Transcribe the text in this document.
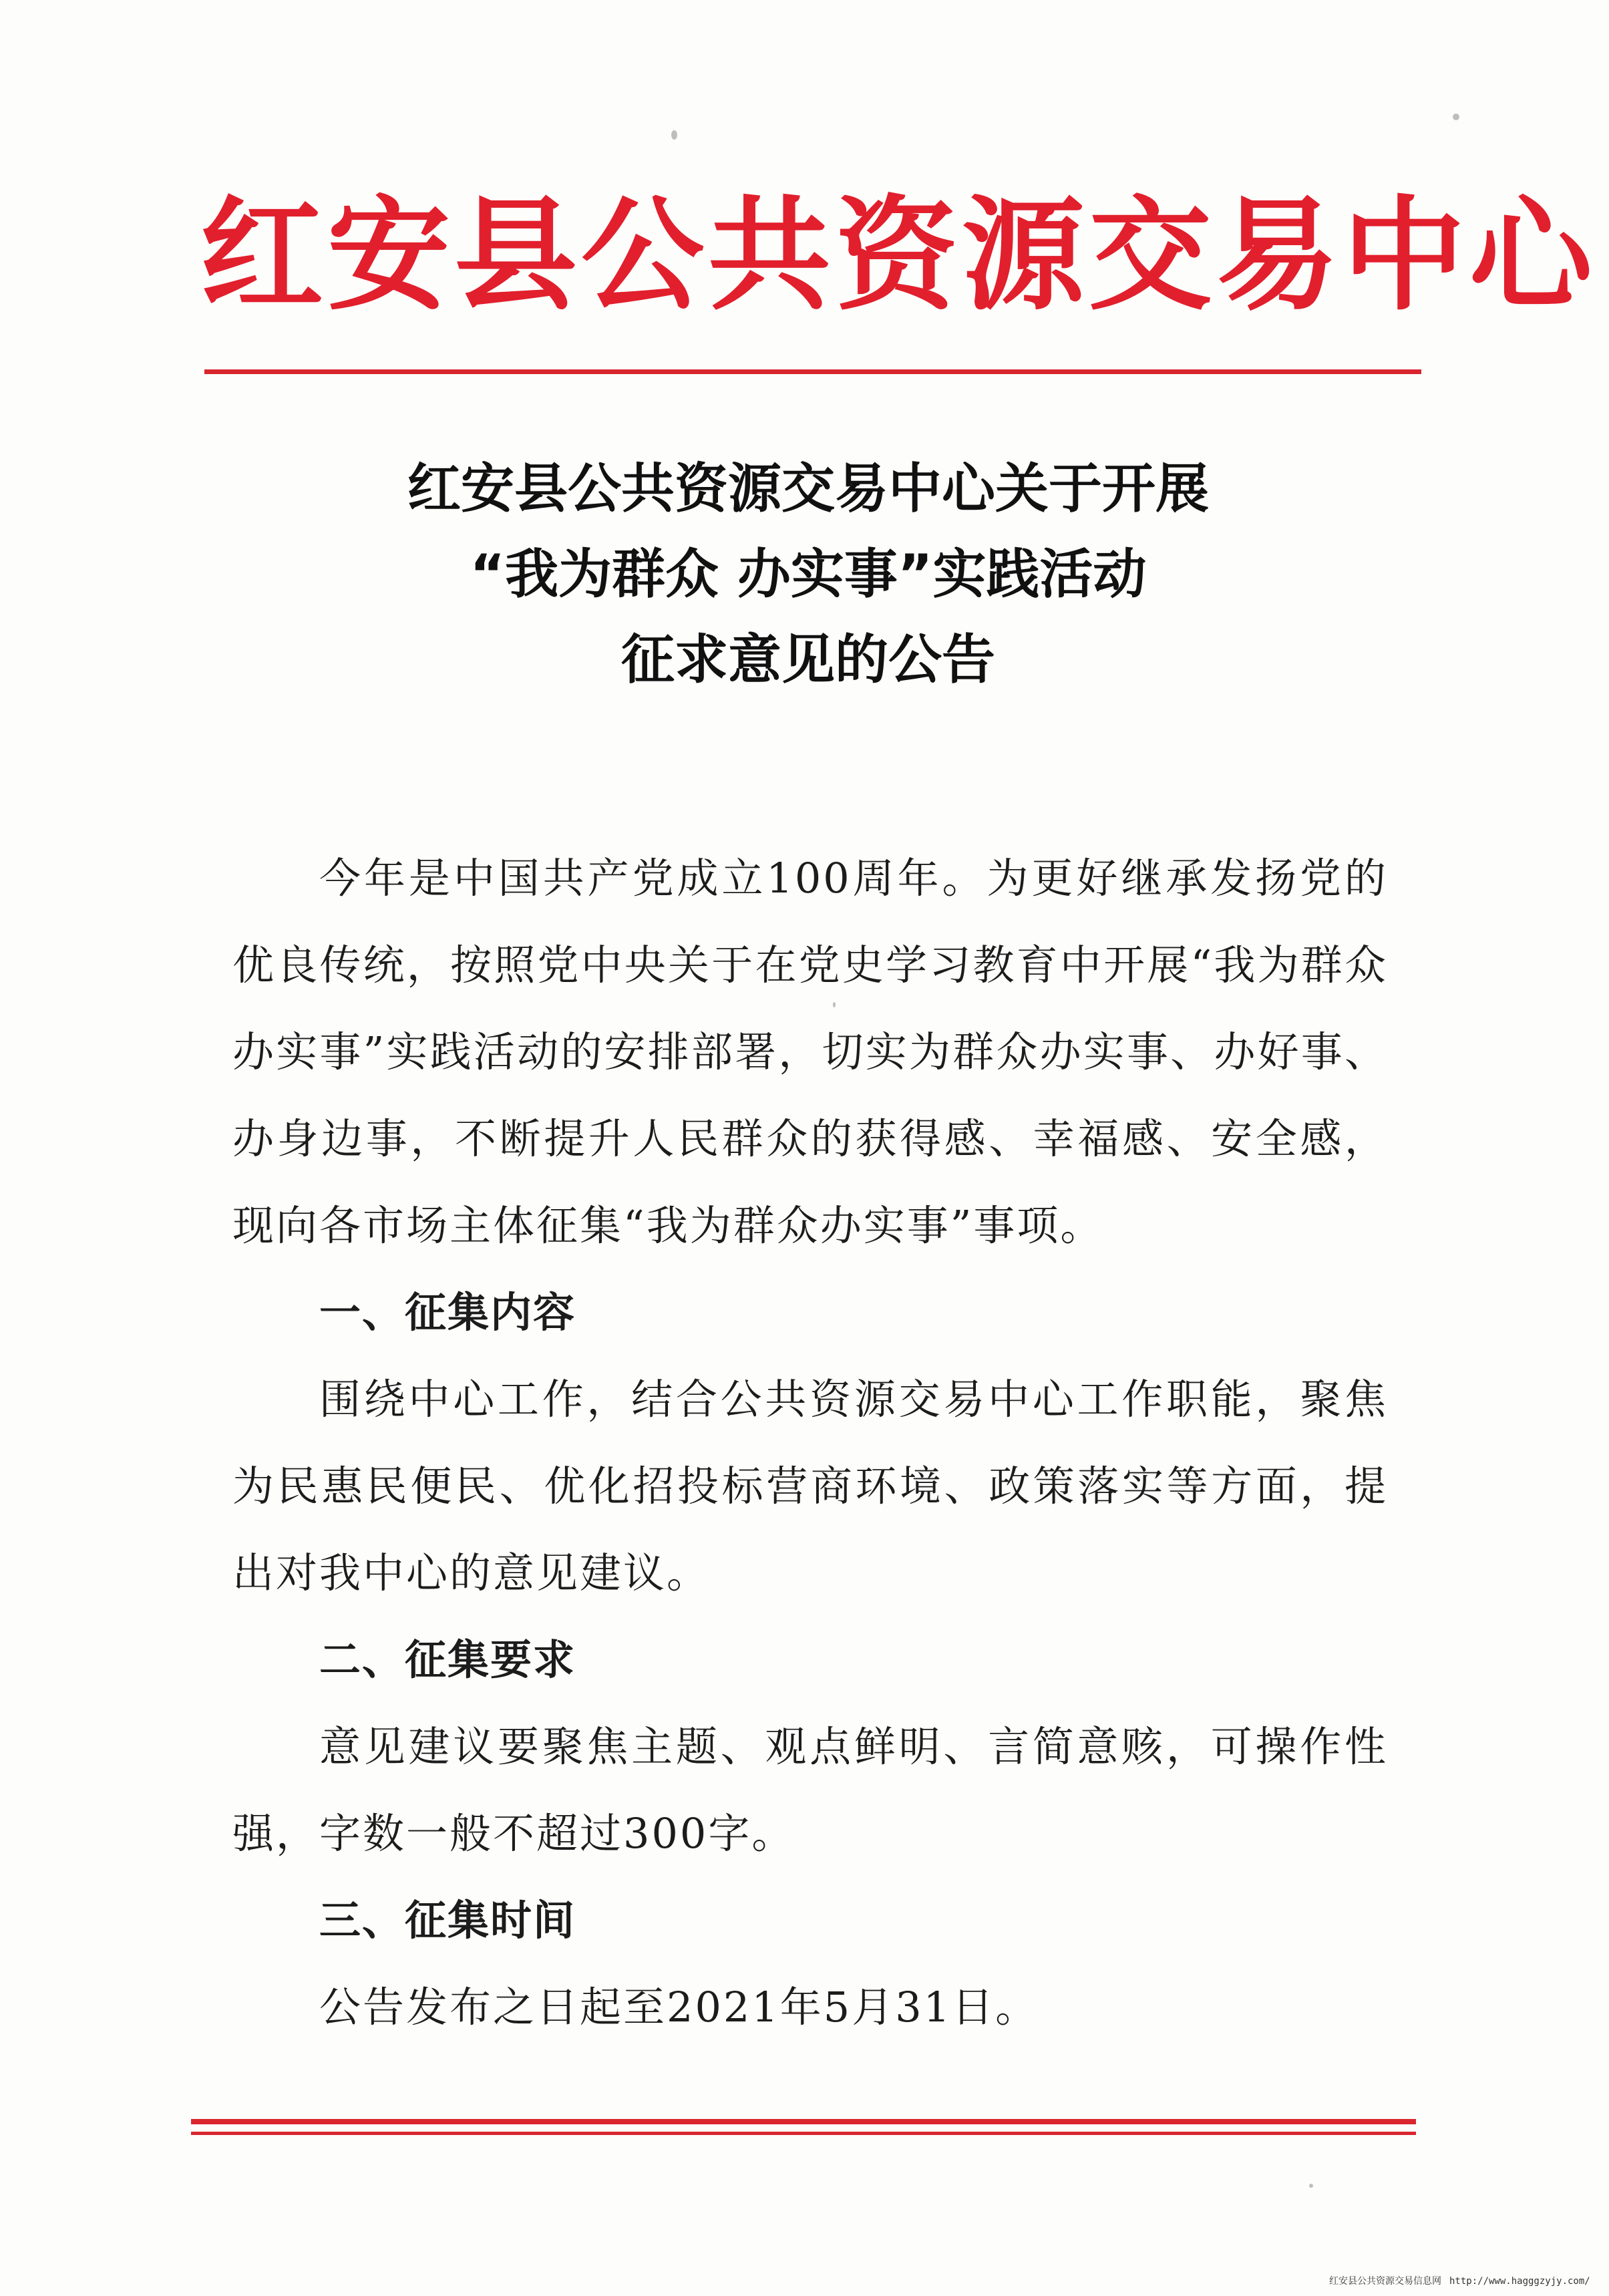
红安县公共资源交易中心
红安县公共资源交易中心关于开展
“我为群众 办实事”实践活动
征求意见的公告

今年是中国共产党成立100周年。为更好继承发扬党的优良传统，按照党中央关于在党史学习教育中开展“我为群众办实事”实践活动的安排部署，切实为群众办实事、办好事、办身边事，不断提升人民群众的获得感、幸福感、安全感，现向各市场主体征集“我为群众办实事”事项。

一、征集内容

围绕中心工作，结合公共资源交易中心工作职能，聚焦为民惠民便民、优化招投标营商环境、政策落实等方面，提出对我中心的意见建议。

二、征集要求

意见建议要聚焦主题、观点鲜明、言简意赅，可操作性强，字数一般不超过300字。

三、征集时间

公告发布之日起至2021年5月31日。

红安县公共资源交易信息网 http://www.hagggzyjy.com/
